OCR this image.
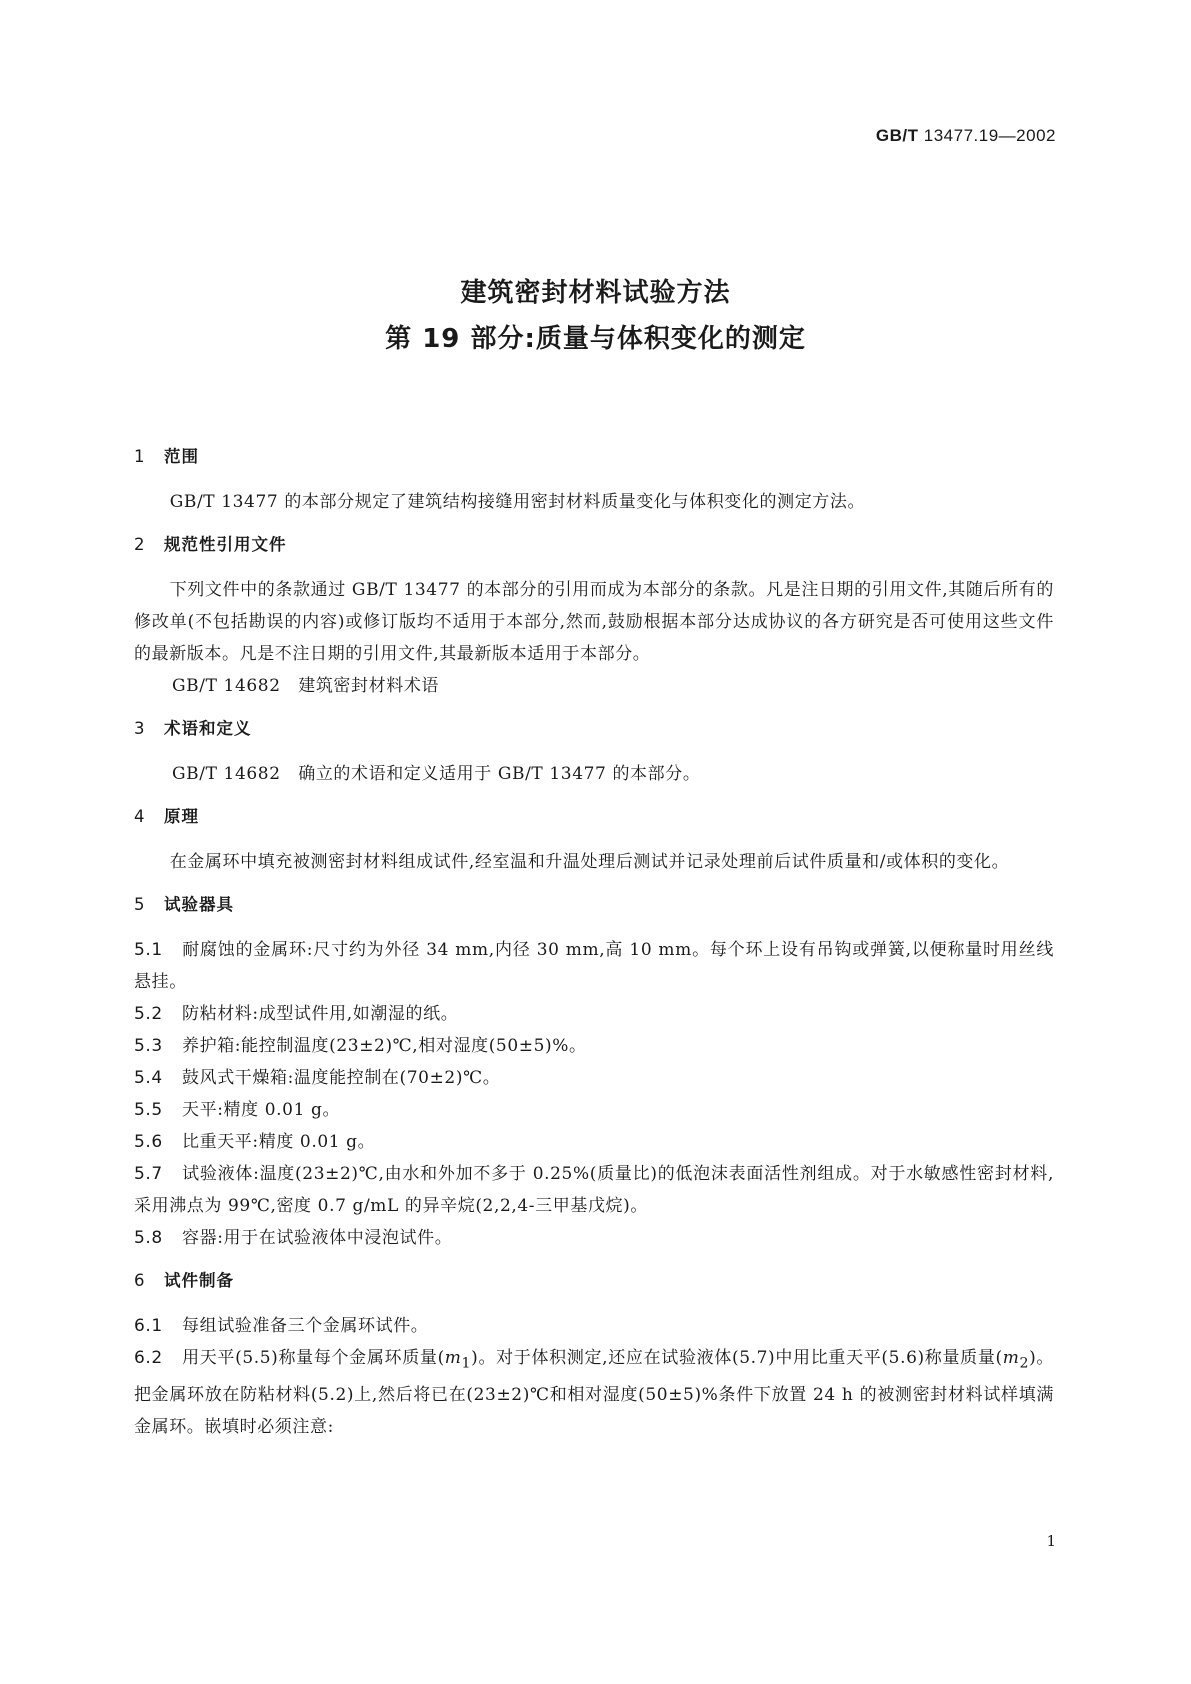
GB/T 13477.19—2002
建筑密封材料试验方法
第 19 部分:质量与体积变化的测定

1 范围

GB/T 13477 的本部分规定了建筑结构接缝用密封材料质量变化与体积变化的测定方法。

2 规范性引用文件

下列文件中的条款通过 GB/T 13477 的本部分的引用而成为本部分的条款。凡是注日期的引用文件,其随后所有的修改单(不包括勘误的内容)或修订版均不适用于本部分,然而,鼓励根据本部分达成协议的各方研究是否可使用这些文件的最新版本。凡是不注日期的引用文件,其最新版本适用于本部分。

GB/T 14682　建筑密封材料术语

3 术语和定义

GB/T 14682　确立的术语和定义适用于 GB/T 13477 的本部分。

4 原理

在金属环中填充被测密封材料组成试件,经室温和升温处理后测试并记录处理前后试件质量和/或体积的变化。

5 试验器具

5.1 耐腐蚀的金属环:尺寸约为外径 34 mm,内径 30 mm,高 10 mm。每个环上设有吊钩或弹簧,以便称量时用丝线悬挂。

5.2 防粘材料:成型试件用,如潮湿的纸。

5.3 养护箱:能控制温度(23±2)℃,相对湿度(50±5)%。

5.4 鼓风式干燥箱:温度能控制在(70±2)℃。

5.5 天平:精度 0.01 g。

5.6 比重天平:精度 0.01 g。

5.7 试验液体:温度(23±2)℃,由水和外加不多于 0.25%(质量比)的低泡沫表面活性剂组成。对于水敏感性密封材料,采用沸点为 99℃,密度 0.7 g/mL 的异辛烷(2,2,4-三甲基戊烷)。

5.8 容器:用于在试验液体中浸泡试件。

6 试件制备

6.1 每组试验准备三个金属环试件。

6.2 用天平(5.5)称量每个金属环质量$(m_1)$。对于体积测定,还应在试验液体(5.7)中用比重天平(5.6)称量质量$(m_2)$。把金属环放在防粘材料(5.2)上,然后将已在(23±2)℃和相对湿度(50±5)%条件下放置 24 h 的被测密封材料试样填满金属环。嵌填时必须注意:

1
